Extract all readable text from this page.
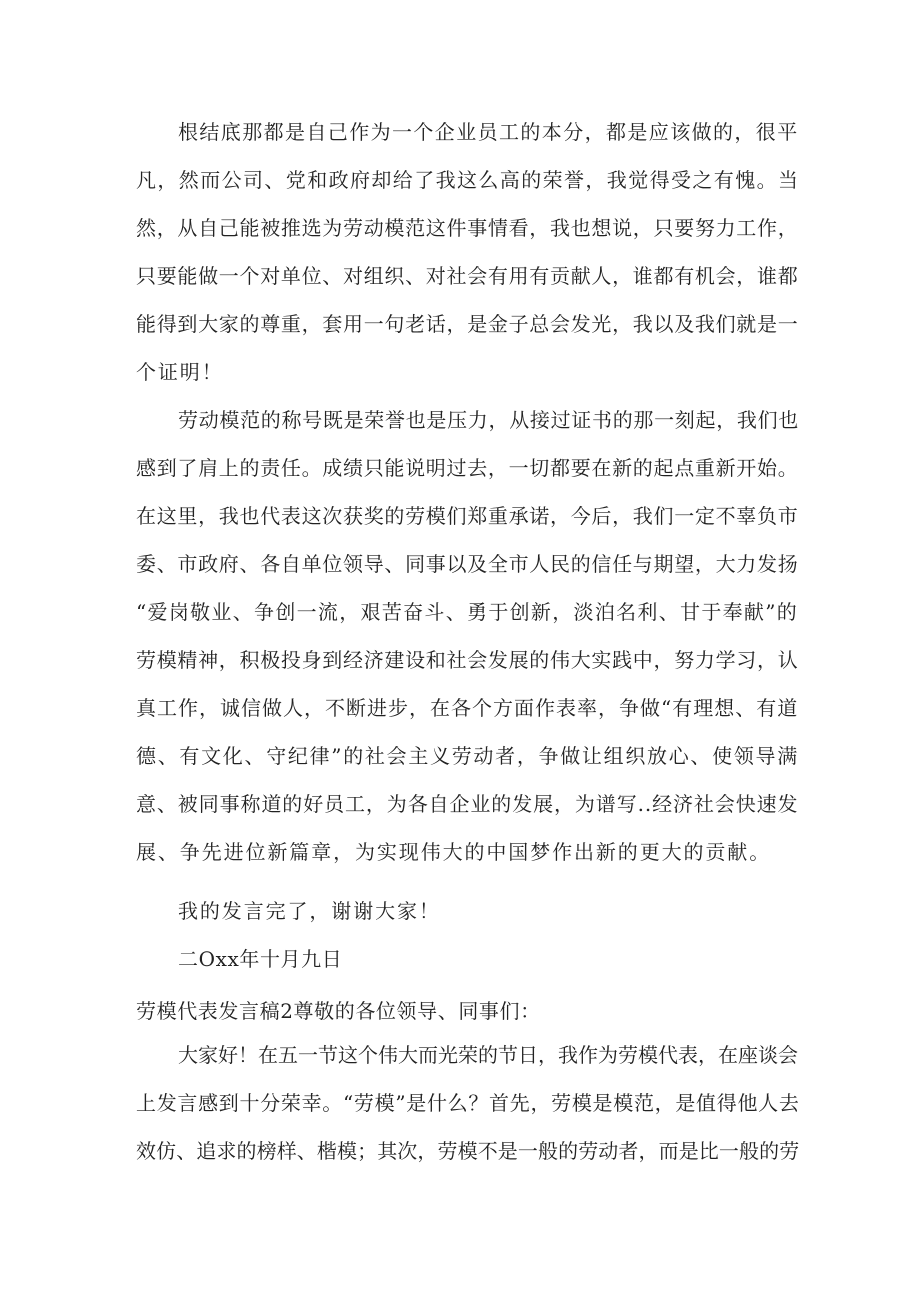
根结底那都是自己作为一个企业员工的本分，都是应该做的，很平
凡，然而公司、党和政府却给了我这么高的荣誉，我觉得受之有愧。当
然，从自己能被推选为劳动模范这件事情看，我也想说，只要努力工作，
只要能做一个对单位、对组织、对社会有用有贡献人，谁都有机会，谁都
能得到大家的尊重，套用一句老话，是金子总会发光，我以及我们就是一
个证明！
劳动模范的称号既是荣誉也是压力，从接过证书的那一刻起，我们也
感到了肩上的责任。成绩只能说明过去，一切都要在新的起点重新开始。
在这里，我也代表这次获奖的劳模们郑重承诺，今后，我们一定不辜负市
委、市政府、各自单位领导、同事以及全市人民的信任与期望，大力发扬
“爱岗敬业、争创一流，艰苦奋斗、勇于创新，淡泊名利、甘于奉献”的
劳模精神，积极投身到经济建设和社会发展的伟大实践中，努力学习，认
真工作，诚信做人，不断进步，在各个方面作表率，争做“有理想、有道
德、有文化、守纪律”的社会主义劳动者，争做让组织放心、使领导满
意、被同事称道的好员工，为各自企业的发展，为谱写..经济社会快速发
展、争先进位新篇章，为实现伟大的中国梦作出新的更大的贡献。
我的发言完了，谢谢大家！
二Oxx年十月九日
劳模代表发言稿2尊敬的各位领导、同事们：
大家好！在五一节这个伟大而光荣的节日，我作为劳模代表，在座谈会
上发言感到十分荣幸。“劳模”是什么？首先，劳模是模范，是值得他人去
效仿、追求的榜样、楷模；其次，劳模不是一般的劳动者，而是比一般的劳
